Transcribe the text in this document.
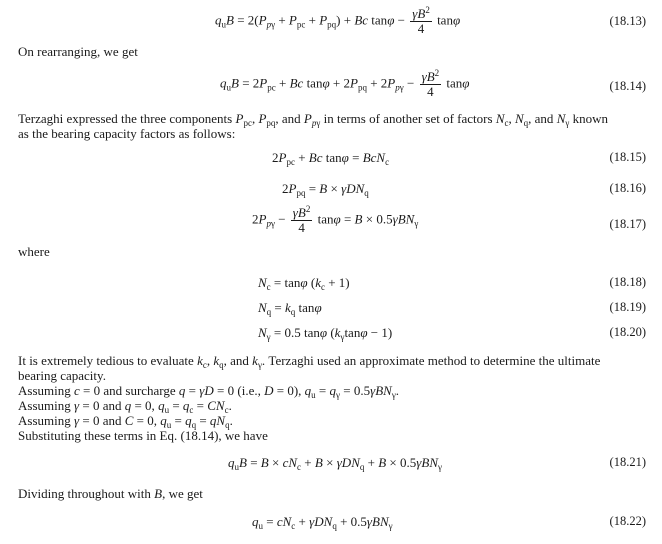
$q_uB = 2(P_{p\gamma} + P_{pc} + P_{pq}) + Bc$ $\tan\varphi - \frac{\gamma B^2}{4}$ tanφ	(18.13)
On rearranging, we get
$q_uB = 2P_{pc} + Bc$ $\tan\varphi + 2P_{pq} + 2P_{p\gamma} - \frac{\gamma B^2}{4}$ tanφ	(18.14)
Terzaghi expressed the three components $P_{pc}$, $P_{pq}$, and $P_{p\gamma}$ in terms of another set of factors $N_c$, $N_q$, and $N_\gamma$ known
as the bearing capacity factors as follows:
$2P_{pc} + Bc$ tanφ = BcN$_c$	(18.15)
$2P_{pq} = B \times \gamma DN_q$	(18.16)
$2P_{p\gamma} - \frac{\gamma B^2}{4}$ tanφ = B × 0.5γBN$_\gamma$	(18.17)
where
$N_c = \tan\varphi$ $(k_c + 1)$	(18.18)
$N_q = k_q$ tanφ	(18.19)
$N_\gamma = 0.5$ tanφ $(k_\gamma\tan\varphi - 1)$	(18.20)
It is extremely tedious to evaluate $k_c$, $k_q$, and $k_\gamma$. Terzaghi used an approximate method to determine the ultimate
bearing capacity.
Assuming c = 0 and surcharge q = γD = 0 (i.e., D = 0), $q_u = q_\gamma = 0.5\gamma BN_\gamma$.
Assuming γ = 0 and q = 0, $q_u = q_c = CN_c$.
Assuming γ = 0 and C = 0, $q_u = q_q = qN_q$.
Substituting these terms in Eq. (18.14), we have
$q_uB = B \times cN_c + B \times \gamma DN_q + B \times 0.5\gamma BN_\gamma$	(18.21)
Dividing throughout with B, we get
$q_u = cN_c + \gamma DN_q + 0.5\gamma BN_\gamma$	(18.22)
